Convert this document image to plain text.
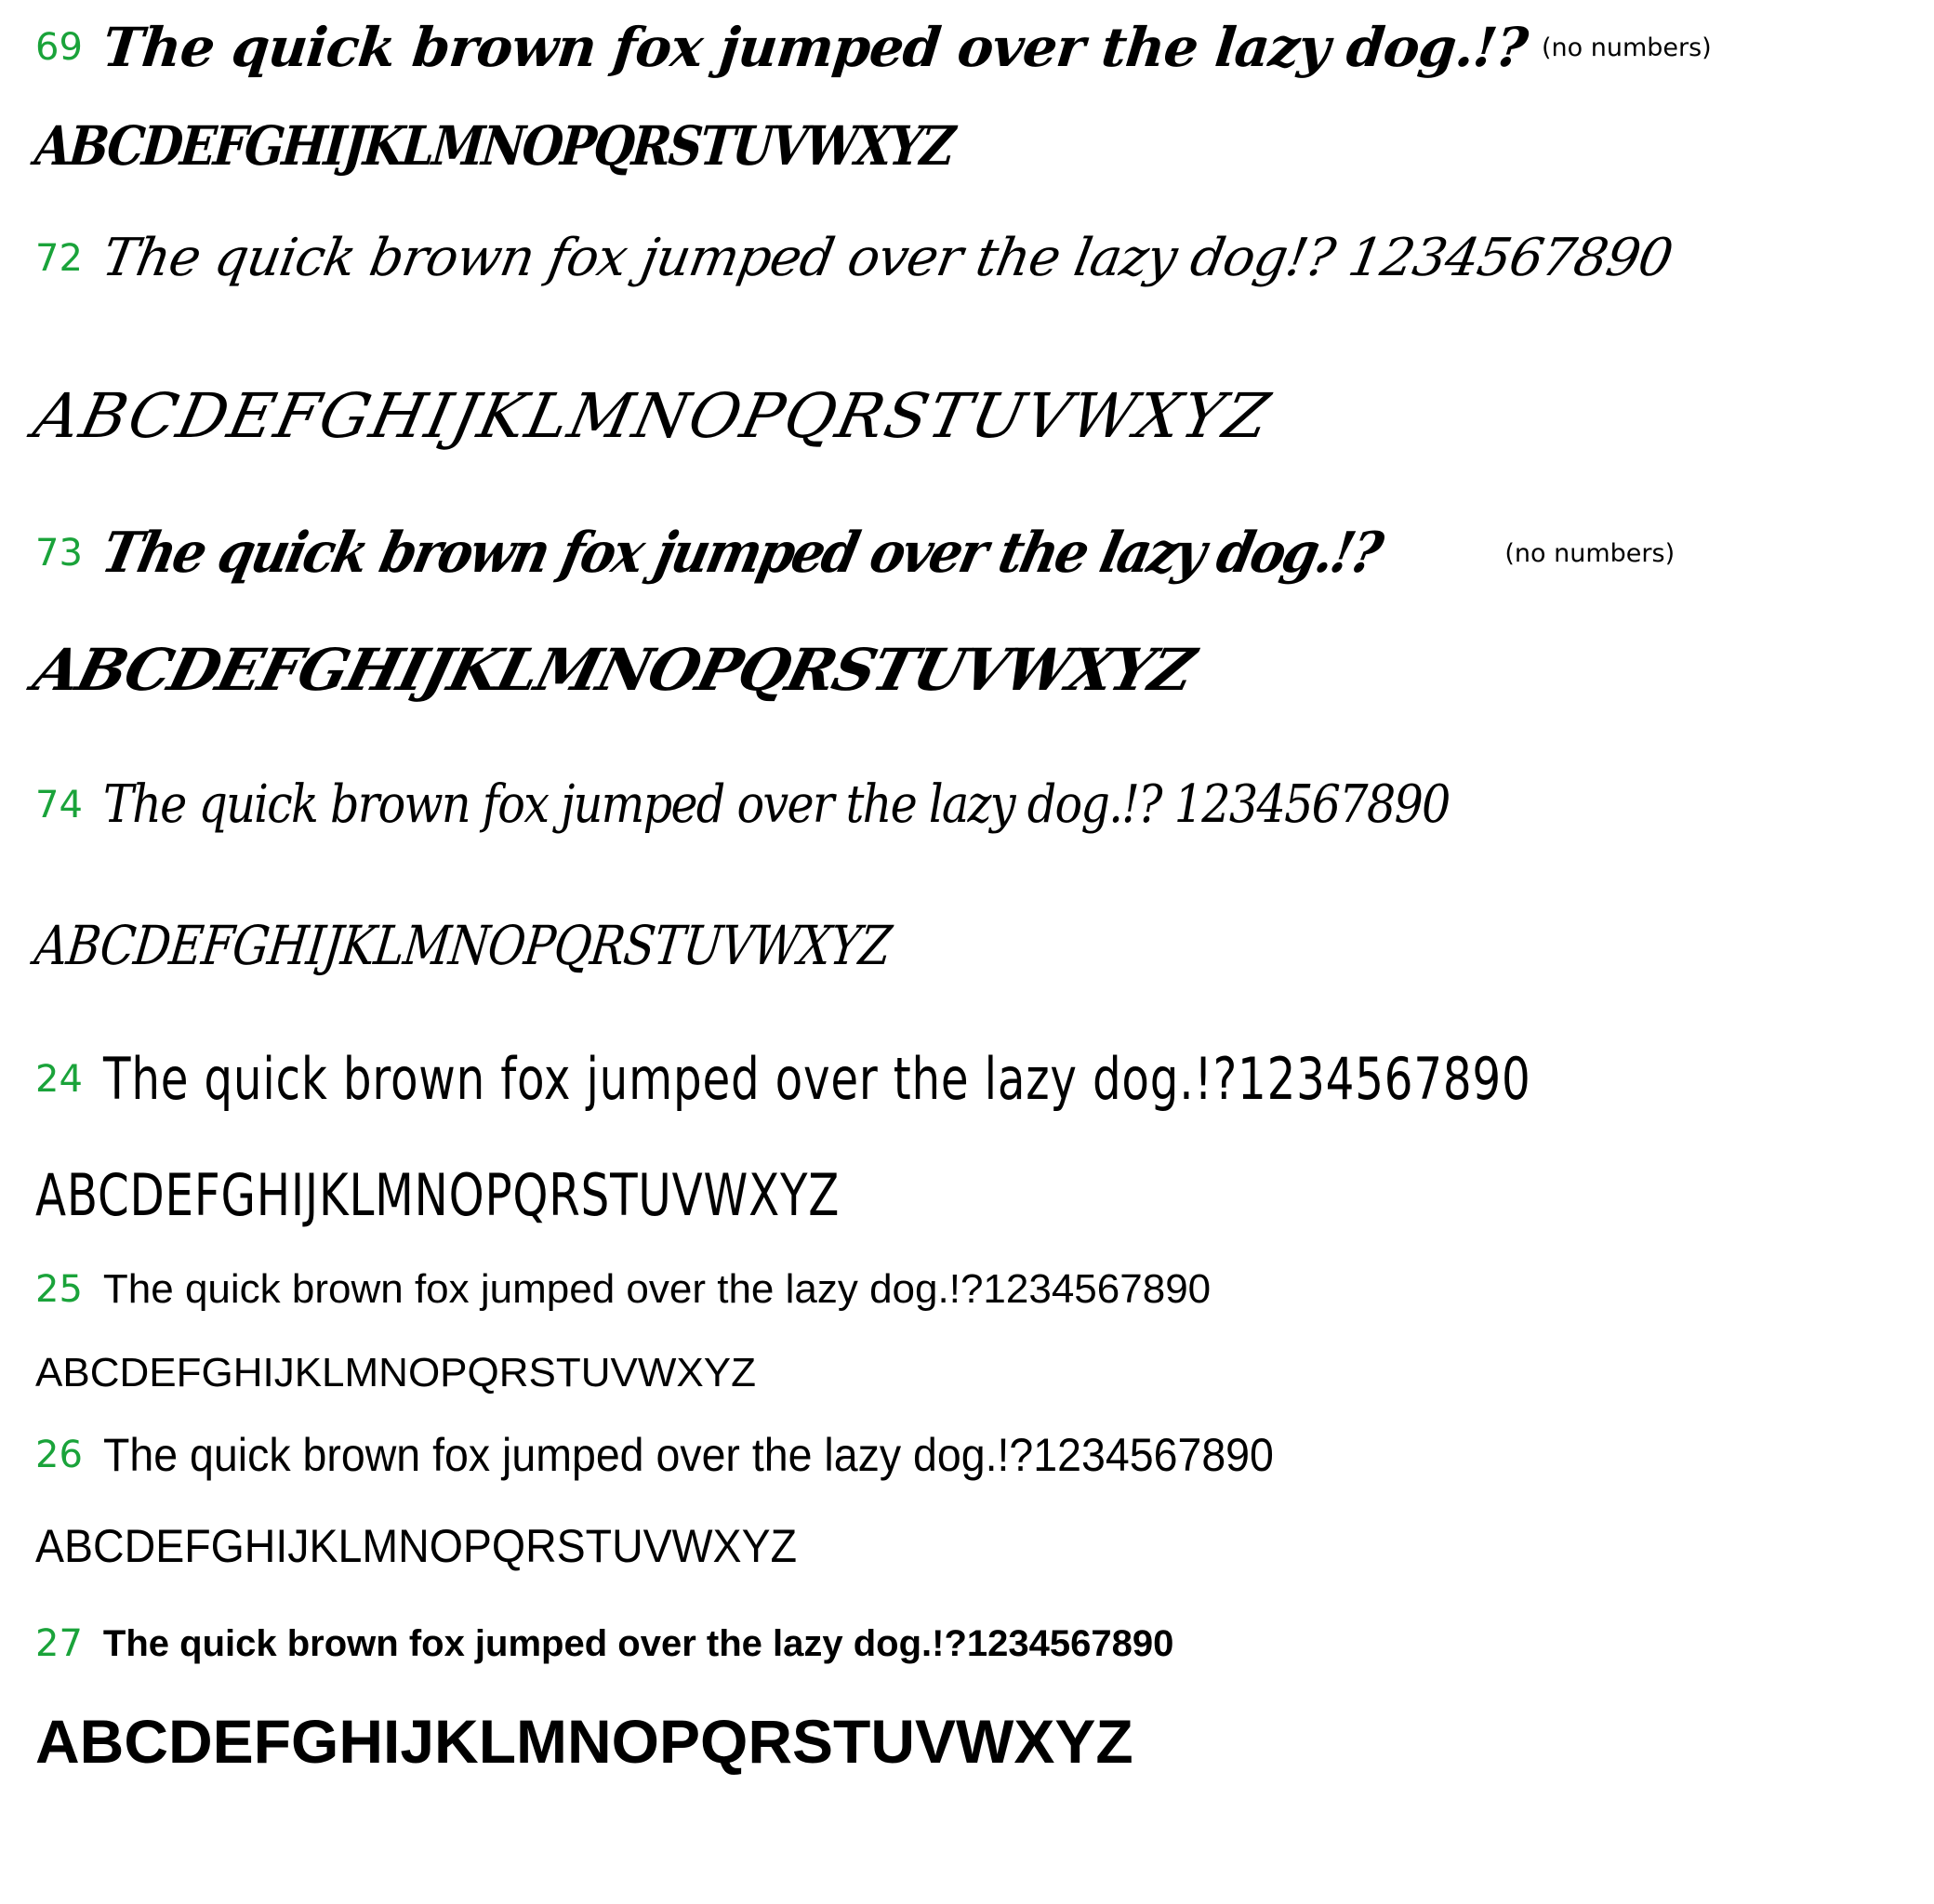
69 The quick brown fox jumped over the lazy dog.!? (no numbers)
ABCDEFGHIJKLMNOPQRSTUVWXYZ
72 The quick brown fox jumped over the lazy dog!? 1234567890
ABCDEFGHIJKLMNOPQRSTUVWXYZ
73 The quick brown fox jumped over the lazy dog.!?	(no numbers)
ABCDEFGHIJKLMNOPQRSTUVWXYZ
74 The quick brown fox jumped over the lazy dog.!? 1234567890
ABCDEFGHIJKLMNOPQRSTUVWXYZ
24 The quick brown fox jumped over the lazy dog.!?1234567890
ABCDEFGHIJKLMNOPQRSTUVWXYZ
25 The quick brown fox jumped over the lazy dog.!?1234567890
ABCDEFGHIJKLMNOPQRSTUVWXYZ
26 The quick brown fox jumped over the lazy dog.!?1234567890
ABCDEFGHIJKLMNOPQRSTUVWXYZ
27 The quick brown fox jumped over the lazy dog.!?1234567890
ABCDEFGHIJKLMNOPQRSTUVWXYZ
